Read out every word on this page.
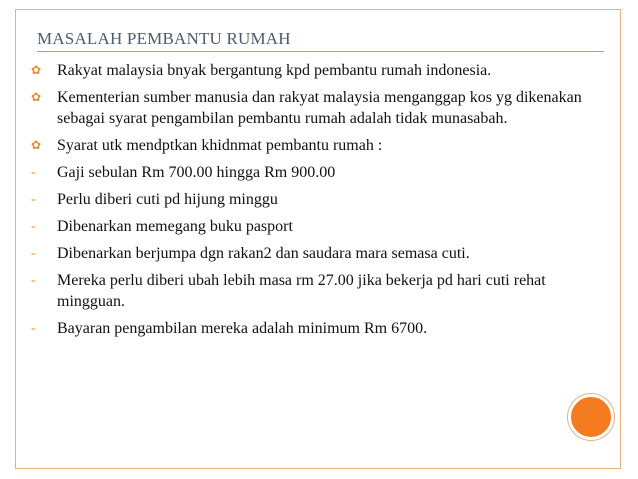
MASALAH PEMBANTU RUMAH
✿ Rakyat malaysia bnyak bergantung kpd pembantu rumah indonesia.
✿ Kementerian sumber manusia dan rakyat malaysia menganggap kos yg dikenakan sebagai syarat pengambilan pembantu rumah adalah tidak munasabah.
✿ Syarat utk mendptkan khidnmat pembantu rumah :
-	Gaji sebulan Rm 700.00 hingga Rm 900.00
-	Perlu diberi cuti pd hijung minggu
-	Dibenarkan memegang buku pasport
-	Dibenarkan berjumpa dgn rakan2 dan saudara mara semasa cuti.
-	Mereka perlu diberi ubah lebih masa rm 27.00 jika bekerja pd hari cuti rehat mingguan.
-	Bayaran pengambilan mereka adalah minimum Rm 6700.
